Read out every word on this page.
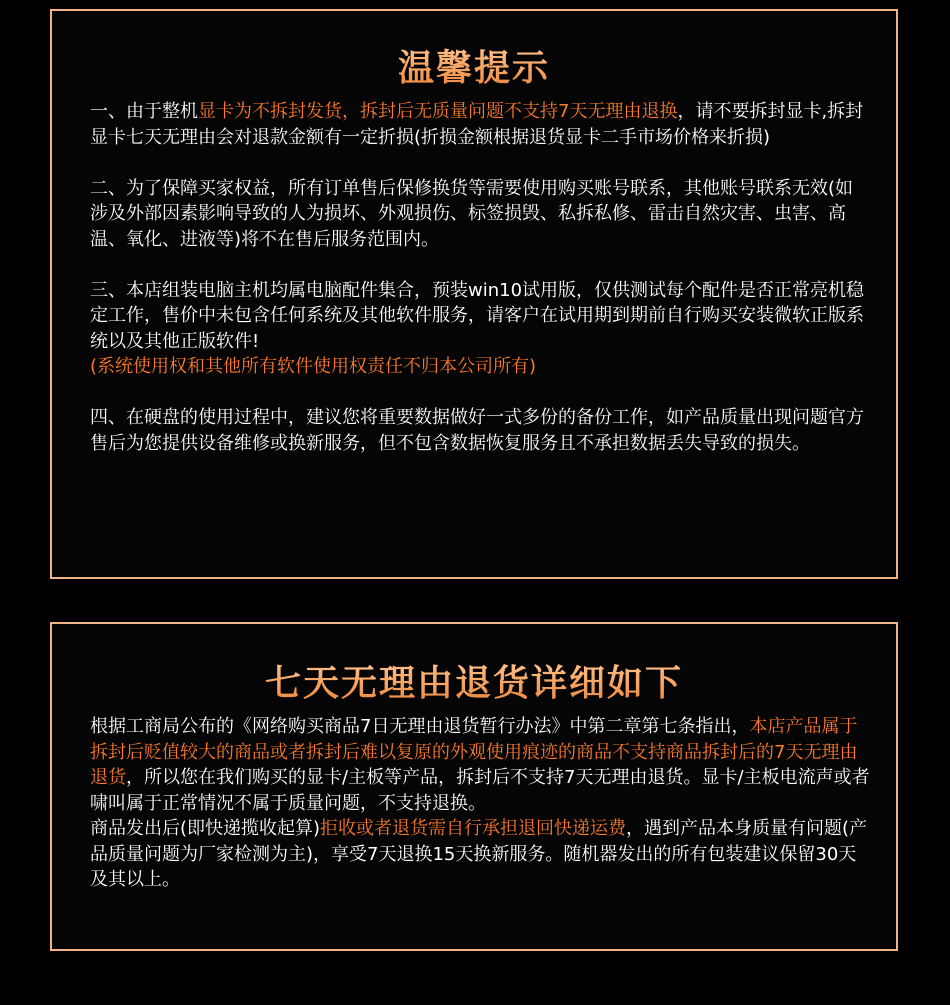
温馨提示

一、由于整机显卡为不拆封发货，拆封后无质量问题不支持7天无理由退换，请不要拆封显卡,拆封显卡七天无理由会对退款金额有一定折损(折损金额根据退货显卡二手市场价格来折损)

二、为了保障买家权益，所有订单售后保修换货等需要使用购买账号联系，其他账号联系无效(如涉及外部因素影响导致的人为损坏、外观损伤、标签损毁、私拆私修、雷击自然灾害、虫害、高温、氧化、进液等)将不在售后服务范围内。

三、本店组装电脑主机均属电脑配件集合，预装win10试用版，仅供测试每个配件是否正常亮机稳定工作，售价中未包含任何系统及其他软件服务，请客户在试用期到期前自行购买安装微软正版系
统以及其他正版软件!
(系统使用权和其他所有软件使用权责任不归本公司所有)

四、在硬盘的使用过程中，建议您将重要数据做好一式多份的备份工作，如产品质量出现问题官方售后为您提供设备维修或换新服务，但不包含数据恢复服务且不承担数据丢失导致的损失。

七天无理由退货详细如下

根据工商局公布的《网络购买商品7日无理由退货暂行办法》中第二章第七条指出，本店产品属于拆封后贬值较大的商品或者拆封后难以复原的外观使用痕迹的商品不支持商品拆封后的7天无理由退货，所以您在我们购买的显卡/主板等产品，拆封后不支持7天无理由退货。显卡/主板电流声或者啸叫属于正常情况不属于质量问题，不支持退换。

商品发出后(即快递揽收起算)拒收或者退货需自行承担退回快递运费，遇到产品本身质量有问题(产品质量问题为厂家检测为主)，享受7天退换15天换新服务。随机器发出的所有包装建议保留30天及其以上。
